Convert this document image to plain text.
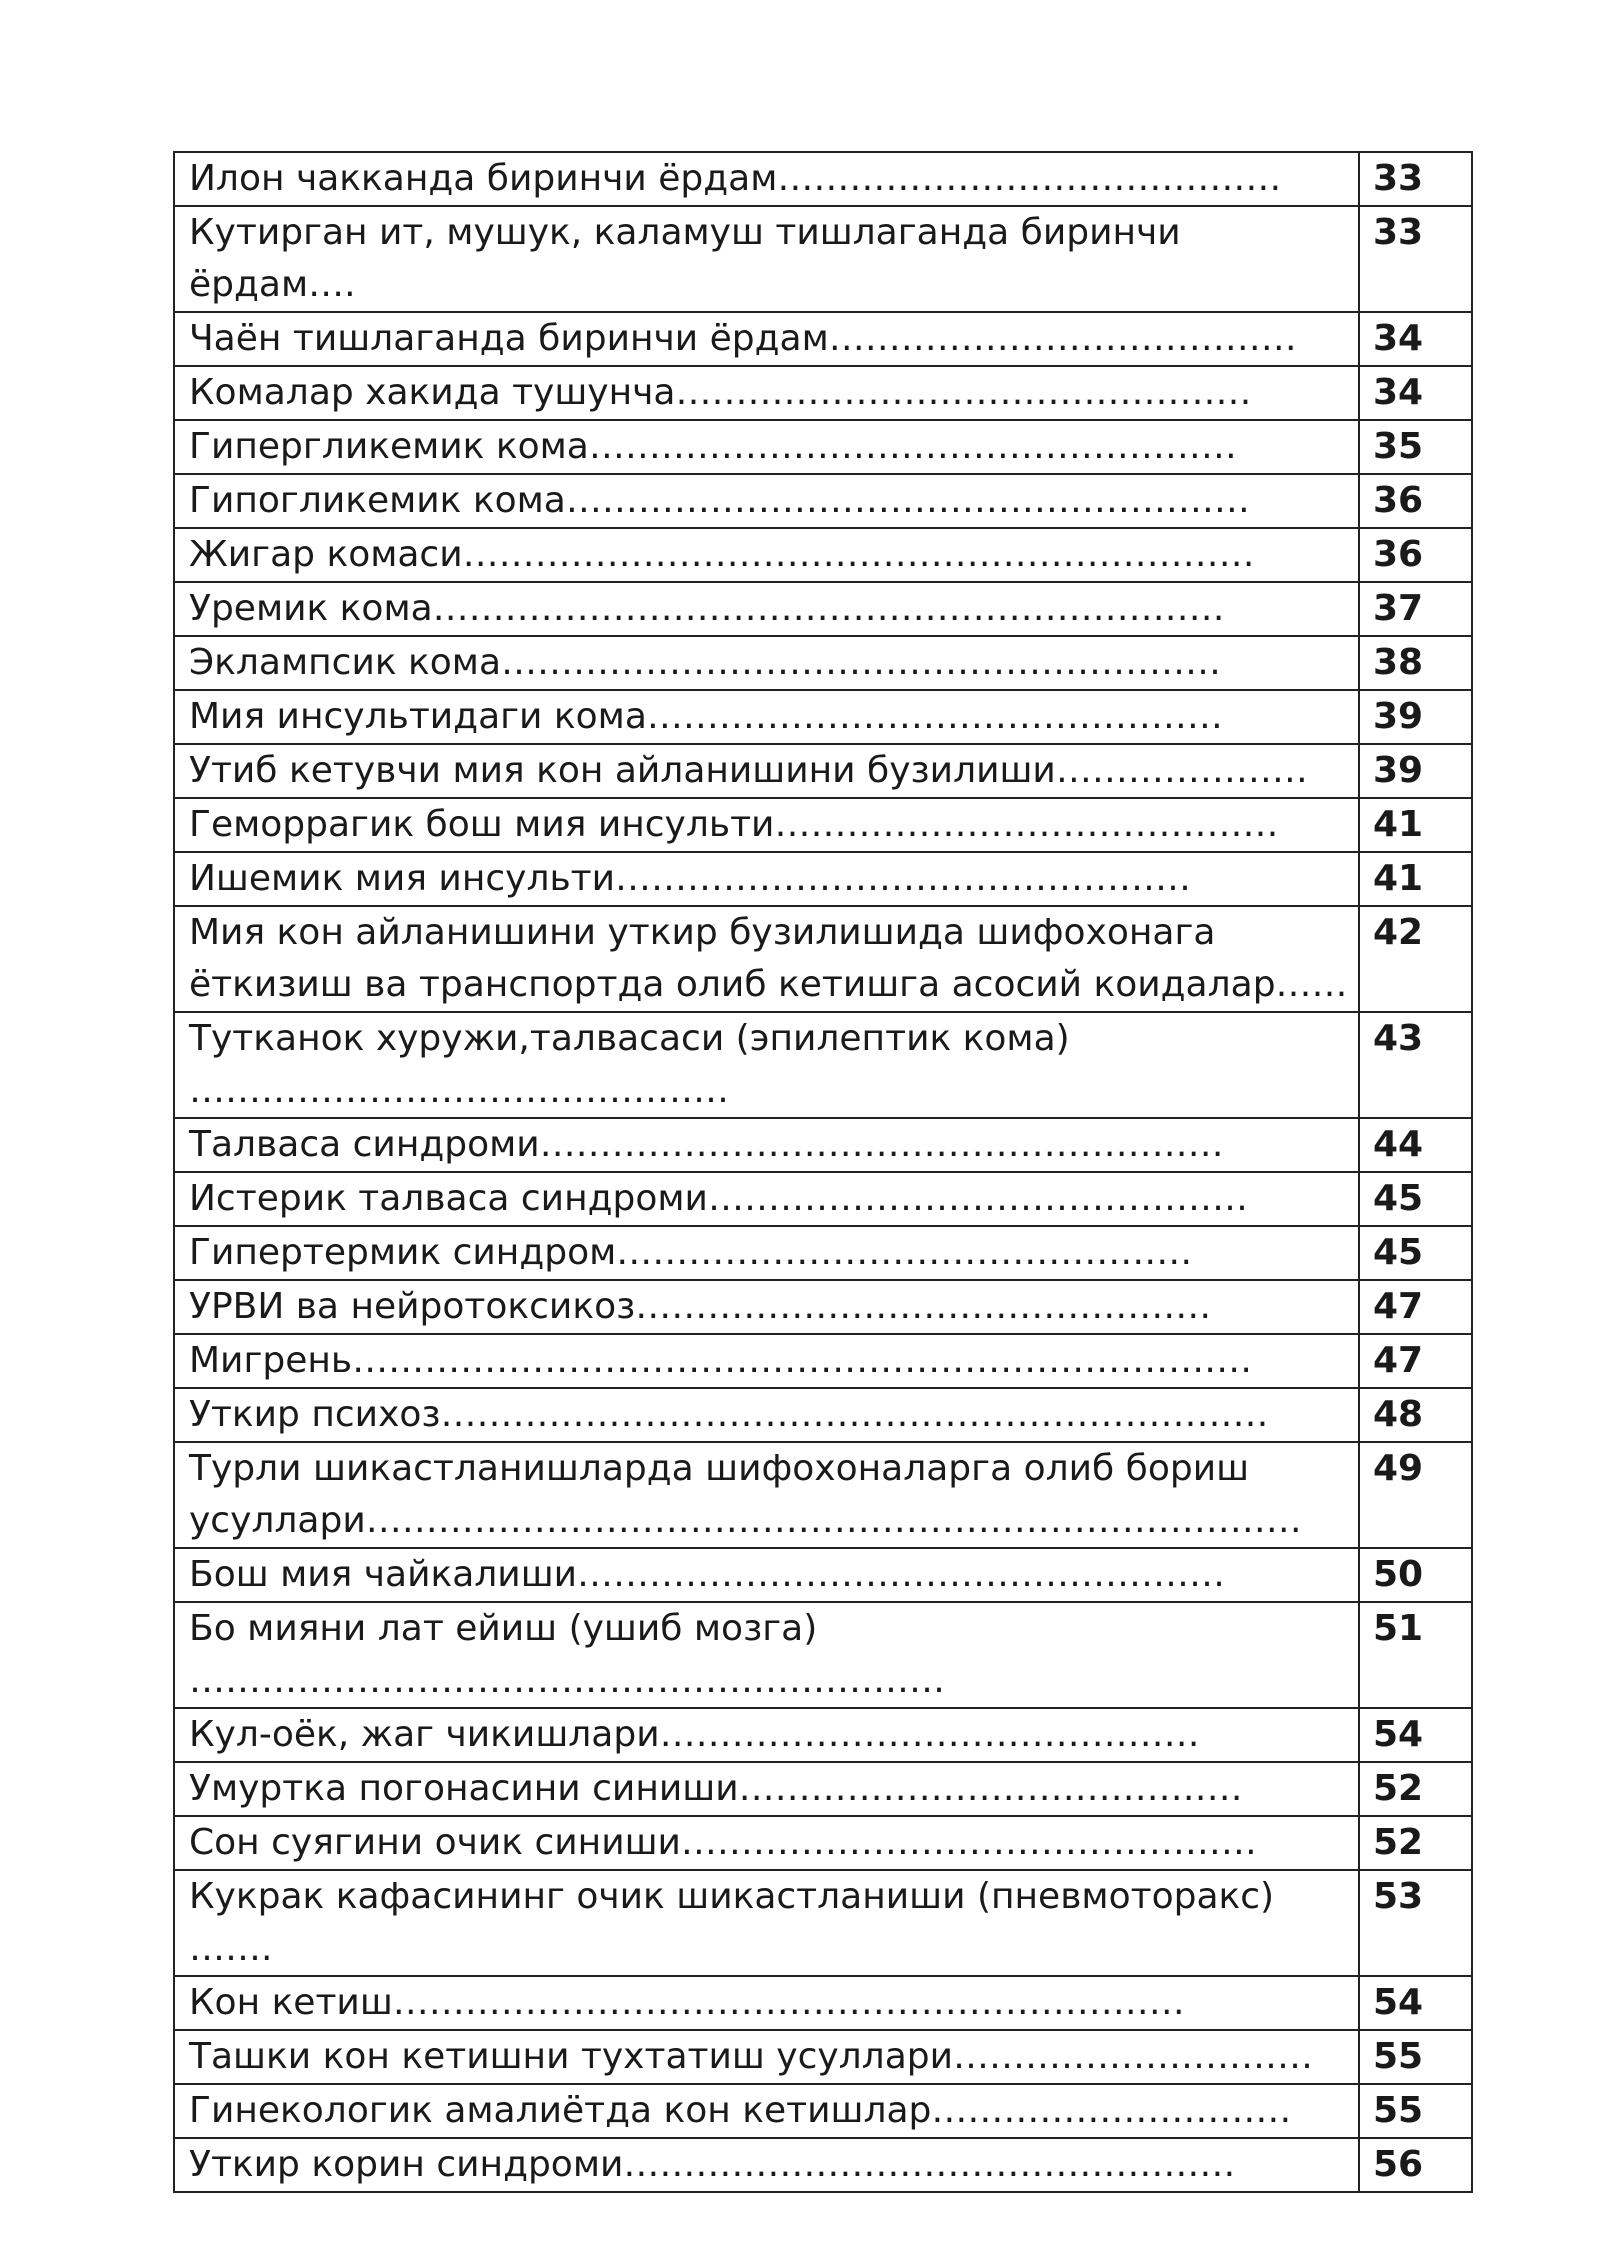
Илон чакканда биринчи ёрдам……………………………………	33
Кутирган ит, мушук, каламуш тишлаганда биринчи ёрдам….	33
Чаён тишлаганда биринчи ёрдам…………………………………	34
Комалар хакида тушунча…………………………………………	34
Гипергликемик кома………………………………………………	35
Гипогликемик кома…………………………………………………	36
Жигар комаси…………………………………………………………	36
Уремик кома…………………………………………………………	37
Эклампсик кома……………………………………………………	38
Мия инсультидаги кома…………………………………………	39
Утиб кетувчи мия кон айланишини бузилиши…………………	39
Геморрагик бош мия инсульти……………………………………	41
Ишемик мия инсульти…………………………………………	41
Мия кон айланишини уткир бузилишида шифохонага ёткизиш ва транспортда олиб кетишга асосий коидалар……	42
Тутканок хуружи,талвасаси (эпилептик кома) ………………………………………	43
Талваса синдроми…………………………………………………	44
Истерик талваса синдроми………………………………………	45
Гипертермик синдром…………………………………………	45
УРВИ ва нейротоксикоз…………………………………………	47
Мигрень…………………………………………………………………	47
Уткир психоз……………………………………………………………	48
Турли шикастланишларда шифохоналарга олиб бориш усуллари……………………………………………………………………	49
Бош мия чайкалиши………………………………………………	50
Бо мияни лат ейиш (ушиб мозга) ………………………………………………………	51
Кул-оёк, жаг чикишлари………………………………………	54
Умуртка погонасини синиши……………………………………	52
Сон суягини очик синиши…………………………………………	52
Кукрак кафасининг очик шикастланиши (пневмоторакс) …….	53
Кон кетиш…………………………………………………………	54
Ташки кон кетишни тухтатиш усуллари…………………………	55
Гинекологик амалиётда кон кетишлар…………………………	55
Уткир корин синдроми……………………………………………	56
